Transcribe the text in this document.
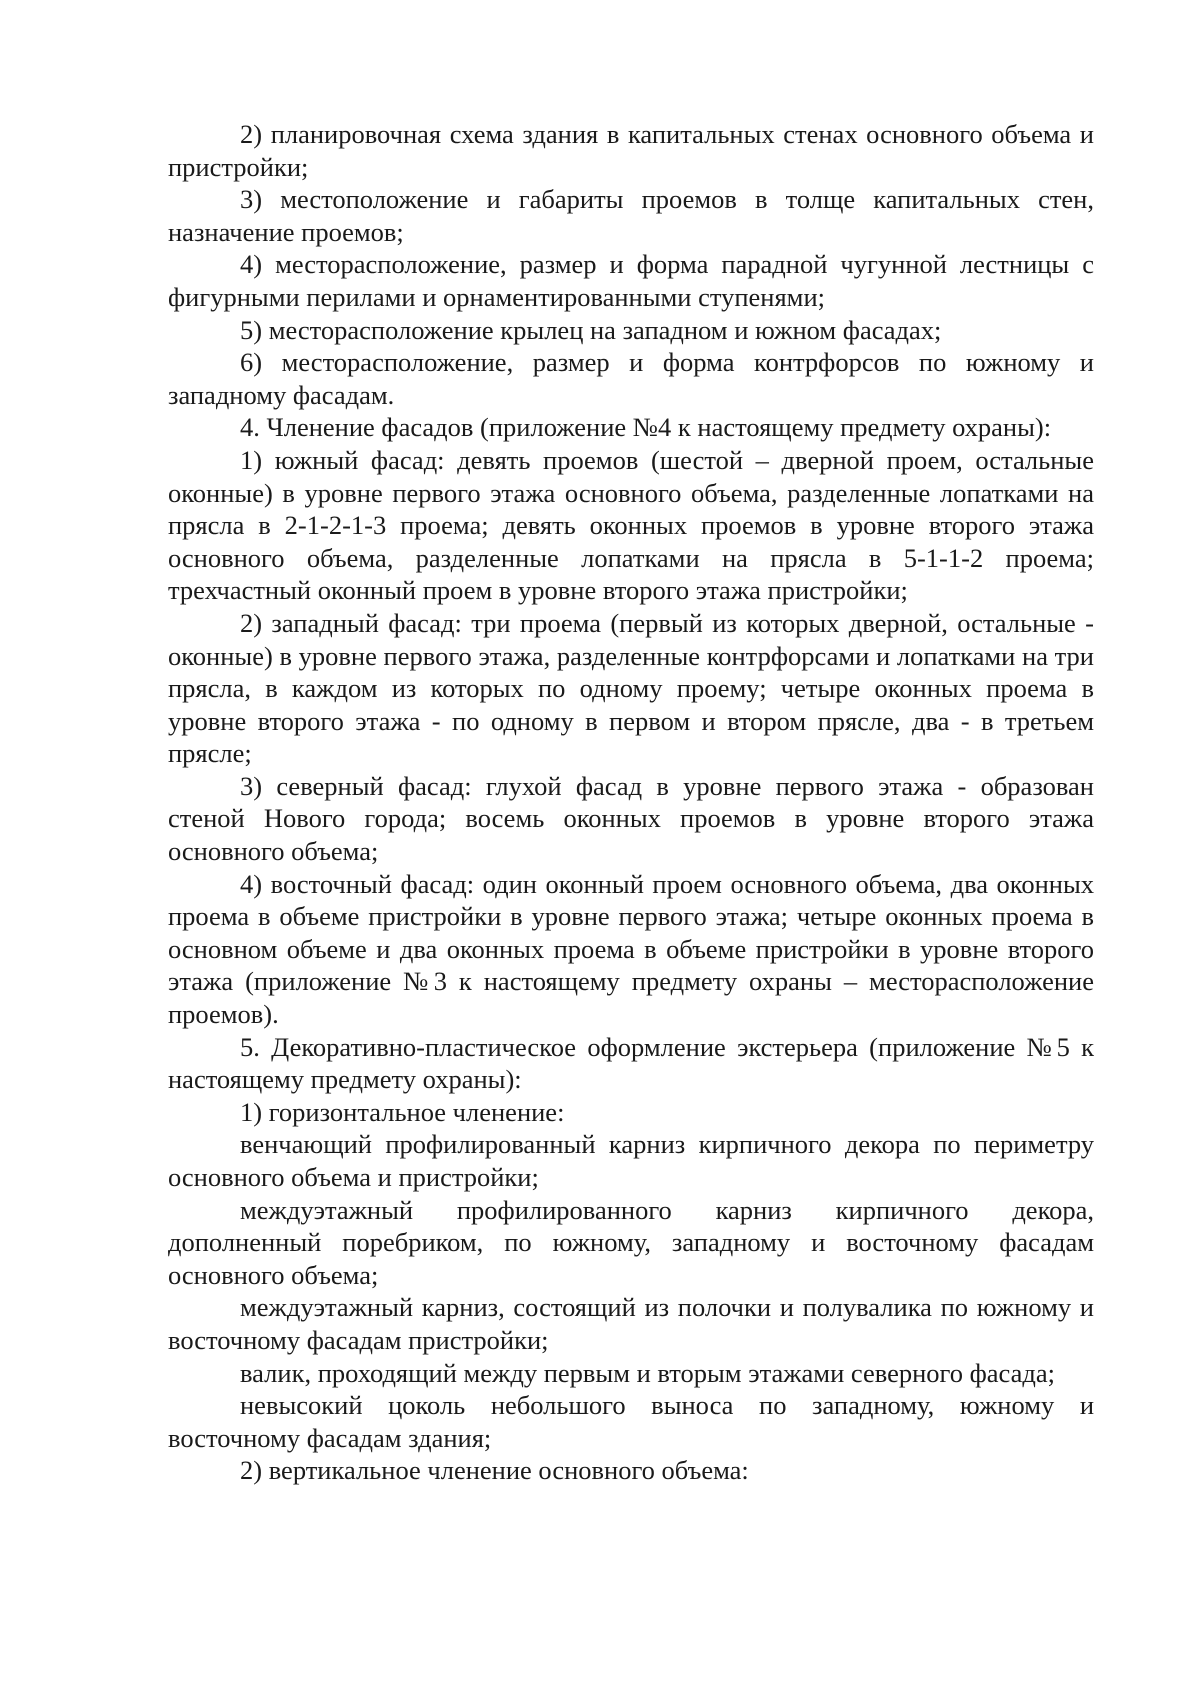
2) планировочная схема здания в капитальных стенах основного объема и пристройки;

3) местоположение и габариты проемов в толще капитальных стен, назначение проемов;

4) месторасположение, размер и форма парадной чугунной лестницы с фигурными перилами и орнаментированными ступенями;

5) месторасположение крылец на западном и южном фасадах;

6) месторасположение, размер и форма контрфорсов по южному и западному фасадам.

4. Членение фасадов (приложение №4 к настоящему предмету охраны):

1) южный фасад: девять проемов (шестой – дверной проем, остальные оконные) в уровне первого этажа основного объема, разделенные лопатками на прясла в 2-1-2-1-3 проема; девять оконных проемов в уровне второго этажа основного объема, разделенные лопатками на прясла в 5-1-1-2 проема; трехчастный оконный проем в уровне второго этажа пристройки;

2) западный фасад: три проема (первый из которых дверной, остальные - оконные) в уровне первого этажа, разделенные контрфорсами и лопатками на три прясла, в каждом из которых по одному проему; четыре оконных проема в уровне второго этажа - по одному в первом и втором прясле, два - в третьем прясле;

3) северный фасад: глухой фасад в уровне первого этажа - образован стеной Нового города; восемь оконных проемов в уровне второго этажа основного объема;

4) восточный фасад: один оконный проем основного объема, два оконных проема в объеме пристройки в уровне первого этажа; четыре оконных проема в основном объеме и два оконных проема в объеме пристройки в уровне второго этажа (приложение №3 к настоящему предмету охраны – месторасположение проемов).

5. Декоративно-пластическое оформление экстерьера (приложение №5 к настоящему предмету охраны):

1) горизонтальное членение:

венчающий профилированный карниз кирпичного декора по периметру основного объема и пристройки;

междуэтажный профилированного карниз кирпичного декора, дополненный поребриком, по южному, западному и восточному фасадам основного объема;

междуэтажный карниз, состоящий из полочки и полувалика по южному и восточному фасадам пристройки;

валик, проходящий между первым и вторым этажами северного фасада;

невысокий цоколь небольшого выноса по западному, южному и восточному фасадам здания;

2) вертикальное членение основного объема:
